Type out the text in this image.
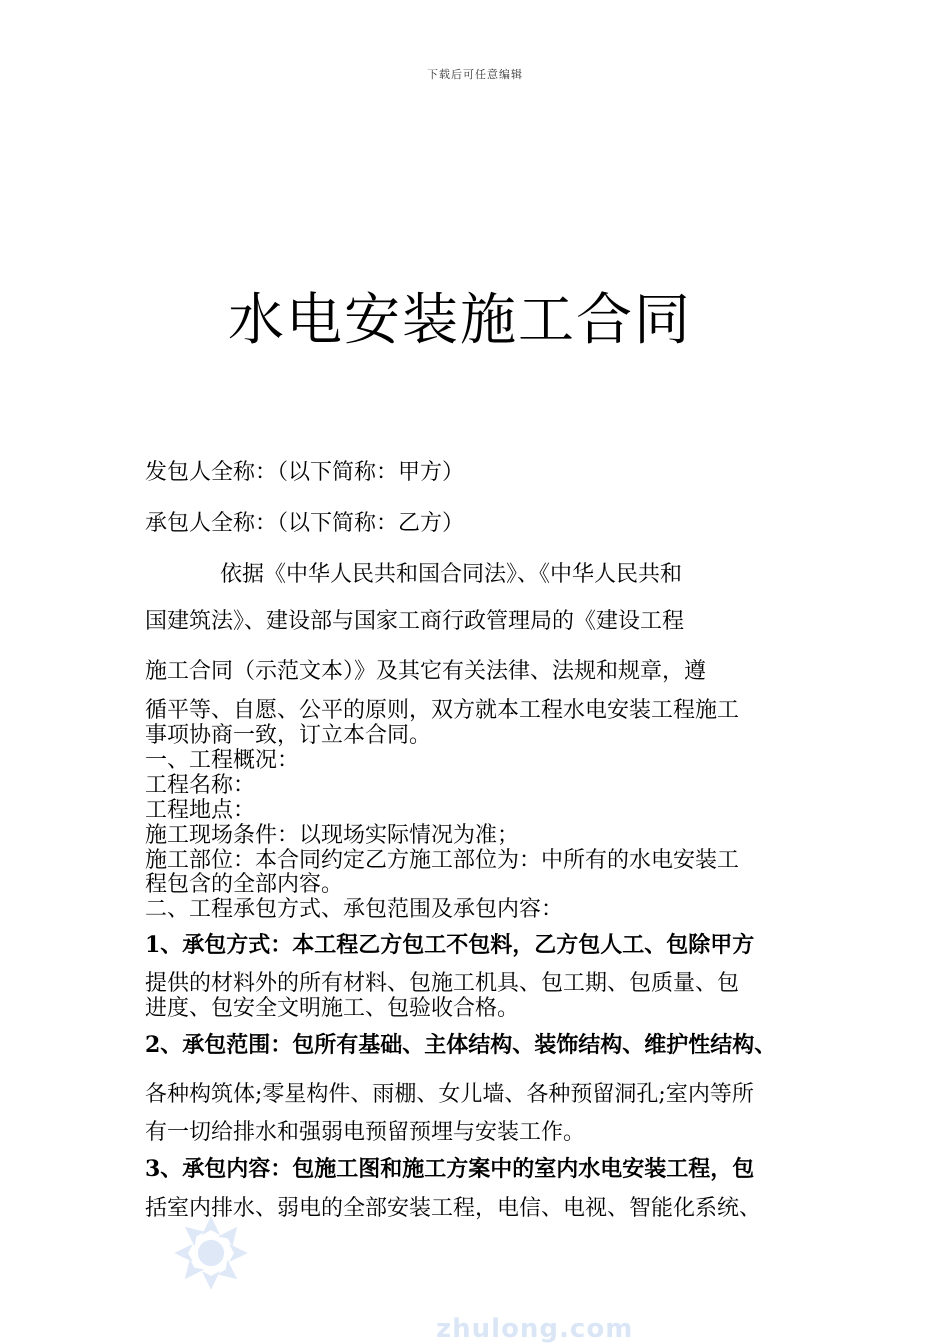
下载后可任意编辑
水电安装施工合同
发包人全称：（以下简称：甲方）
承包人全称：（以下简称：乙方）
依据《中华人民共和国合同法》、《中华人民共和
国建筑法》、建设部与国家工商行政管理局的《建设工程
施工合同（示范文本）》及其它有关法律、法规和规章，遵
循平等、自愿、公平的原则，双方就本工程水电安装工程施工
事项协商一致，订立本合同。
一、工程概况：
工程名称：
工程地点：
施工现场条件：以现场实际情况为准；
施工部位：本合同约定乙方施工部位为：中所有的水电安装工
程包含的全部内容。
二、工程承包方式、承包范围及承包内容：
1、承包方式：本工程乙方包工不包料，乙方包人工、包除甲方
提供的材料外的所有材料、包施工机具、包工期、包质量、包
进度、包安全文明施工、包验收合格。
2、承包范围：包所有基础、主体结构、装饰结构、维护性结构、
各种构筑体;零星构件、雨棚、女儿墙、各种预留洞孔;室内等所
有一切给排水和强弱电预留预埋与安装工作。
3、承包内容：包施工图和施工方案中的室内水电安装工程，包
括室内排水、弱电的全部安装工程，电信、电视、智能化系统、
zhulong.com
